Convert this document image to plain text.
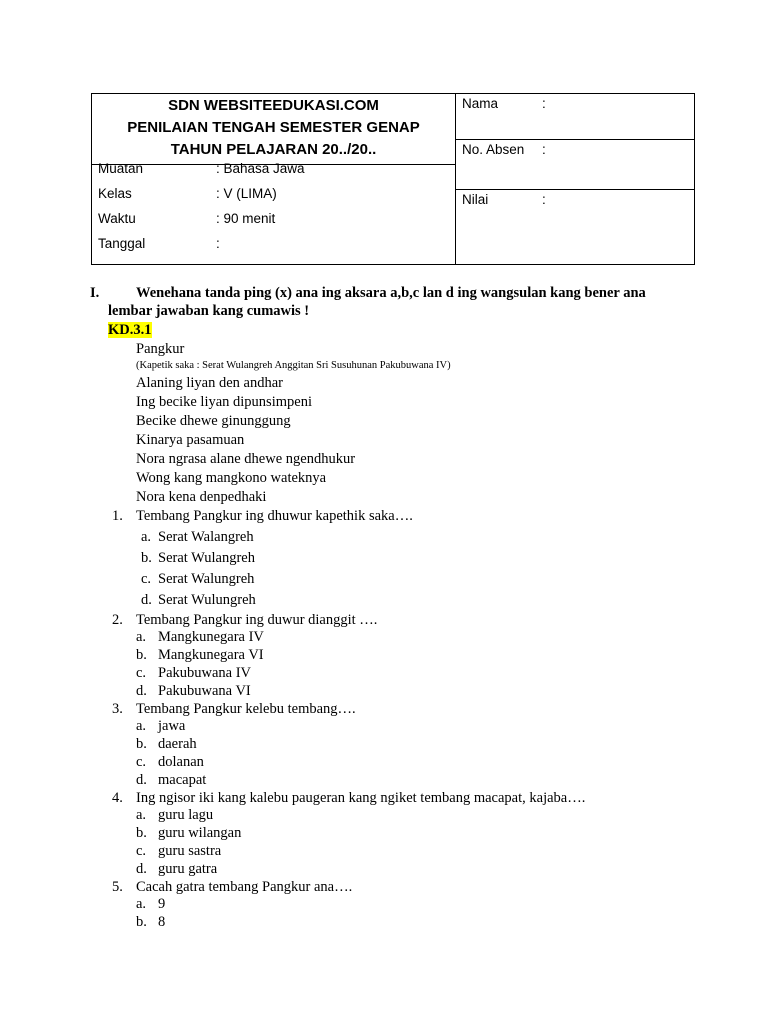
SDN WEBSITEEDUKASI.COM
PENILAIAN TENGAH SEMESTER GENAP
TAHUN PELAJARAN 20../20..
Muatan	: Bahasa Jawa
Kelas	: V (LIMA)
Waktu	: 90 menit
Tanggal	:
Nama	:
No. Absen :
Nilai	:
I.	Wenehana tanda ping (x) ana ing aksara a,b,c lan d ing wangsulan kang bener ana
lembar jawaban kang cumawis !
KD.3.1
Pangkur
(Kapetik saka : Serat Wulangreh Anggitan Sri Susuhunan Pakubuwana IV)
Alaning liyan den andhar
Ing becike liyan dipunsimpeni
Becike dhewe ginunggung
Kinarya pasamuan
Nora ngrasa alane dhewe ngendhukur
Wong kang mangkono wateknya
Nora kena denpedhaki
1. Tembang Pangkur ing dhuwur kapethik saka….
a. Serat Walangreh
b. Serat Wulangreh
c. Serat Walungreh
d. Serat Wulungreh
2. Tembang Pangkur ing duwur dianggit ….
a. Mangkunegara IV
b. Mangkunegara VI
c. Pakubuwana IV
d. Pakubuwana VI
3. Tembang Pangkur kelebu tembang….
a. jawa
b. daerah
c. dolanan
d. macapat
4. Ing ngisor iki kang kalebu paugeran kang ngiket tembang macapat, kajaba….
a. guru lagu
b. guru wilangan
c. guru sastra
d. guru gatra
5. Cacah gatra tembang Pangkur ana….
a. 9
b. 8
